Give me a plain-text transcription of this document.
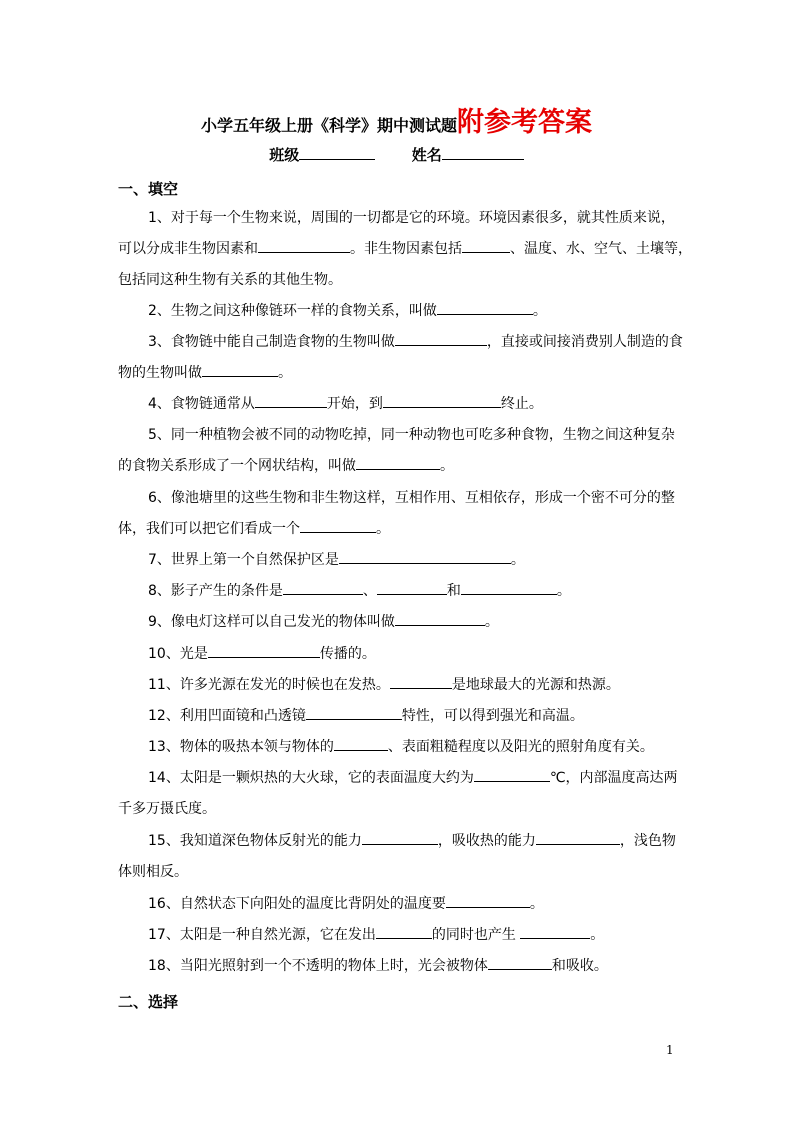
小学五年级上册《科学》期中测试题附参考答案
班级	姓名
一、填空
1、对于每一个生物来说，周围的一切都是它的环境。环境因素很多，就其性质来说，
可以分成非生物因素和	。非生物因素包括	、温度、水、空气、土壤等，
包括同这种生物有关系的其他生物。
2、生物之间这种像链环一样的食物关系，叫做	。
3、食物链中能自己制造食物的生物叫做	，直接或间接消费别人制造的食
物的生物叫做	。
4、食物链通常从	开始，到	终止。
5、同一种植物会被不同的动物吃掉，同一种动物也可吃多种食物，生物之间这种复杂
的食物关系形成了一个网状结构，叫做	。
6、像池塘里的这些生物和非生物这样，互相作用、互相依存，形成一个密不可分的整
体，我们可以把它们看成一个	。
7、世界上第一个自然保护区是	。
8、影子产生的条件是	、	和	。
9、像电灯这样可以自己发光的物体叫做	。
10、光是	传播的。
11、许多光源在发光的时候也在发热。	是地球最大的光源和热源。
12、利用凹面镜和凸透镜	特性，可以得到强光和高温。
13、物体的吸热本领与物体的	、表面粗糙程度以及阳光的照射角度有关。
14、太阳是一颗炽热的大火球，它的表面温度大约为	℃，内部温度高达两
千多万摄氏度。
15、我知道深色物体反射光的能力	，吸收热的能力	，浅色物
体则相反。
16、自然状态下向阳处的温度比背阴处的温度要	。
17、太阳是一种自然光源，它在发出	的同时也产生	。
18、当阳光照射到一个不透明的物体上时，光会被物体	和吸收。
二、选择
1
